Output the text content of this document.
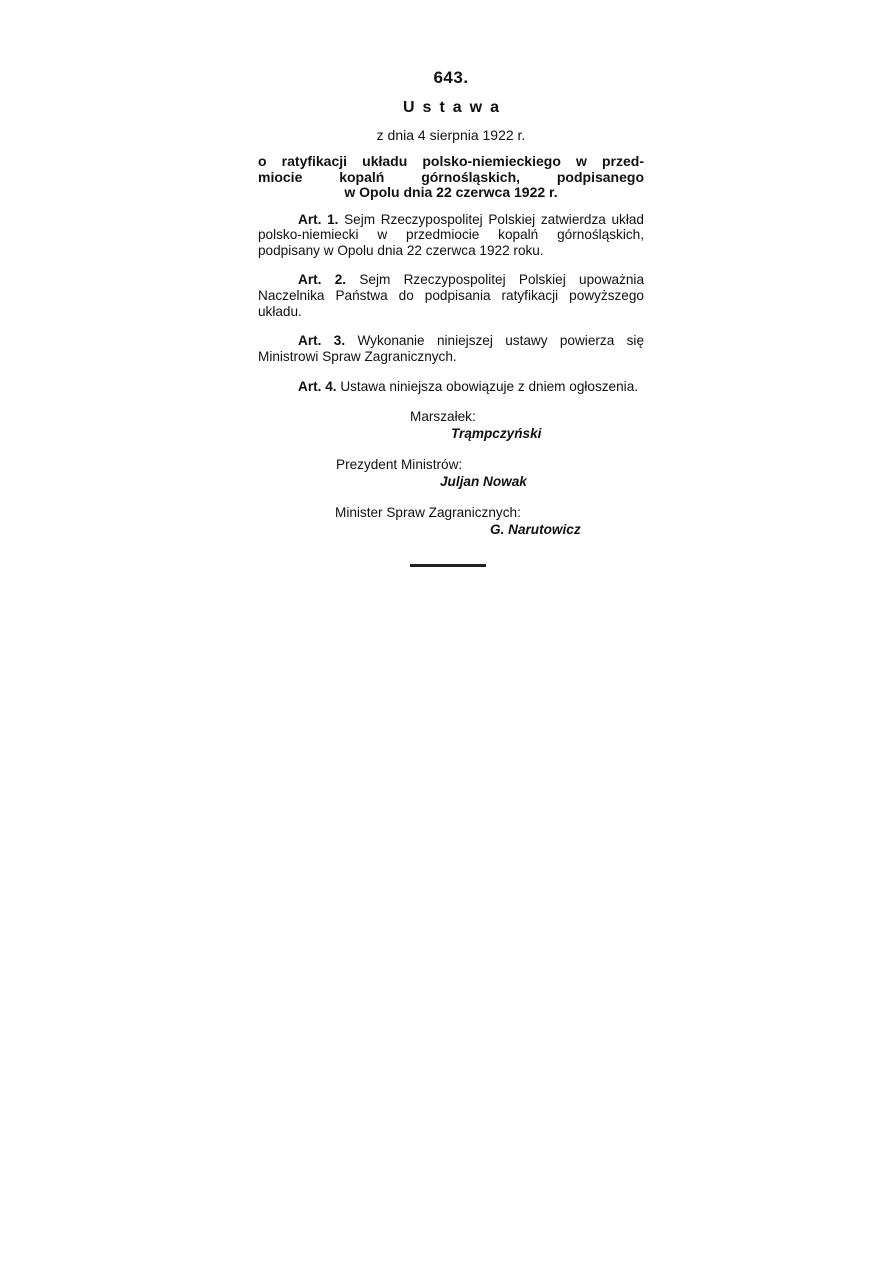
643.
Ustawa
z dnia 4 sierpnia 1922 r.
o ratyfikacji układu polsko-niemieckiego w przed-
miocie kopalń górnośląskich, podpisanego
w Opolu dnia 22 czerwca 1922 r.

Art. 1. Sejm Rzeczypospolitej Polskiej zatwierdza układ polsko-niemiecki w przedmiocie kopalń górnośląskich, podpisany w Opolu dnia 22 czerwca 1922 roku.

Art. 2. Sejm Rzeczypospolitej Polskiej upoważnia Naczelnika Państwa do podpisania ratyfikacji powyższego układu.

Art. 3. Wykonanie niniejszej ustawy powierza się Ministrowi Spraw Zagranicznych.

Art. 4. Ustawa niniejsza obowiązuje z dniem ogłoszenia.

Marszałek:
Trąmpczyński
Prezydent Ministrów:
Juljan Nowak
Minister Spraw Zagranicznych:
G. Narutowicz
